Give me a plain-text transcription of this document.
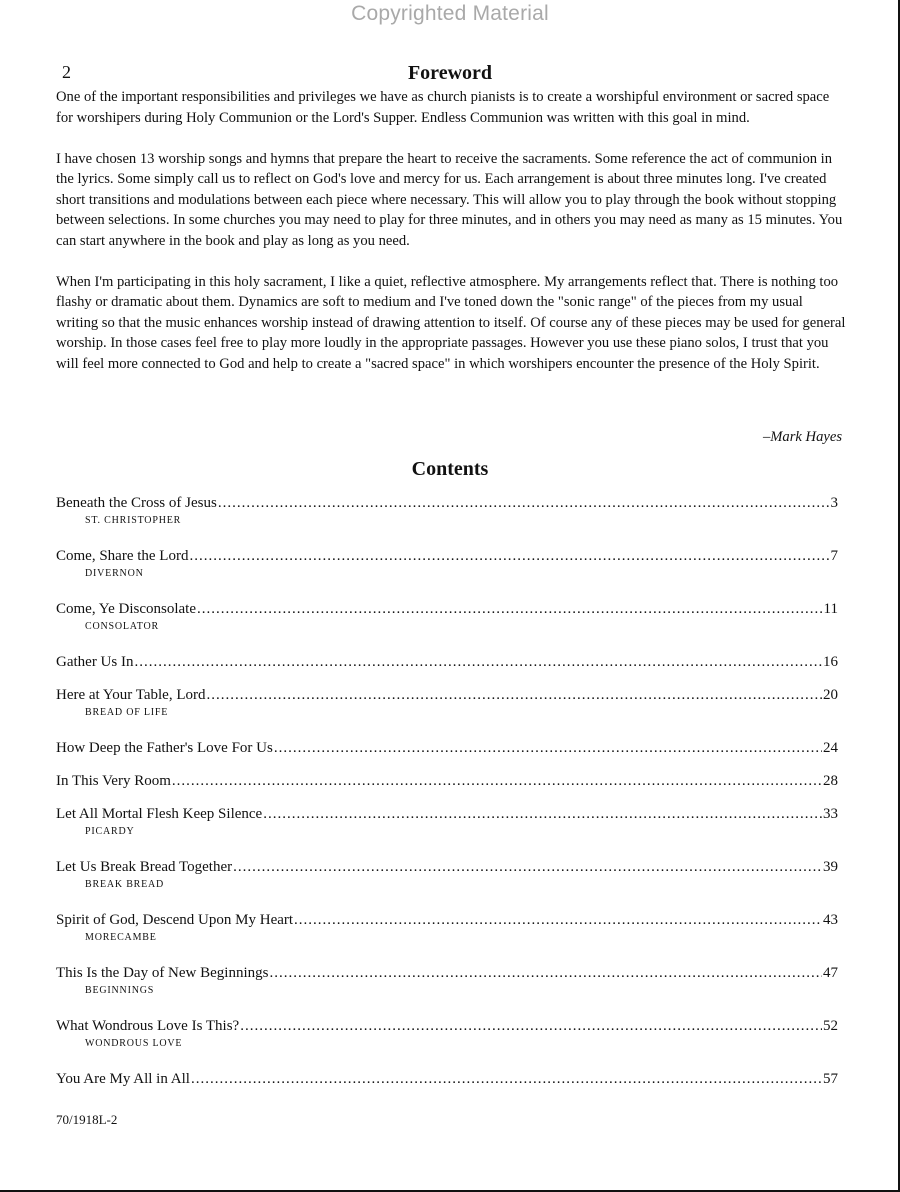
Copyrighted Material
2	Foreword

One of the important responsibilities and privileges we have as church pianists is to create a worshipful environment or sacred space for worshipers during Holy Communion or the Lord's Supper. Endless Communion was written with this goal in mind.

I have chosen 13 worship songs and hymns that prepare the heart to receive the sacraments. Some reference the act of communion in the lyrics. Some simply call us to reflect on God's love and mercy for us. Each arrangement is about three minutes long. I've created short transitions and modulations between each piece where necessary. This will allow you to play through the book without stopping between selections. In some churches you may need to play for three minutes, and in others you may need as many as 15 minutes. You can start anywhere in the book and play as long as you need.

When I'm participating in this holy sacrament, I like a quiet, reflective atmosphere. My arrangements reflect that. There is nothing too flashy or dramatic about them. Dynamics are soft to medium and I've toned down the "sonic range" of the pieces from my usual writing so that the music enhances worship instead of drawing attention to itself. Of course any of these pieces may be used for general worship. In those cases feel free to play more loudly in the appropriate passages. However you use these piano solos, I trust that you will feel more connected to God and help to create a "sacred space" in which worshipers encounter the presence of the Holy Spirit.

–Mark Hayes
Contents
Beneath the Cross of Jesus .....	3
ST. CHRISTOPHER
Come, Share the Lord .....	7
DIVERNON
Come, Ye Disconsolate .....	11
CONSOLATOR
Gather Us In .....	16
Here at Your Table, Lord .....	20
BREAD OF LIFE
How Deep the Father's Love For Us .....	24
In This Very Room .....	28
Let All Mortal Flesh Keep Silence .....	33
PICARDY
Let Us Break Bread Together .....	39
BREAK BREAD
Spirit of God, Descend Upon My Heart .....	43
MORECAMBE
This Is the Day of New Beginnings .....	47
BEGINNINGS
What Wondrous Love Is This? .....	52
WONDROUS LOVE
You Are My All in All .....	57
70/1918L-2
